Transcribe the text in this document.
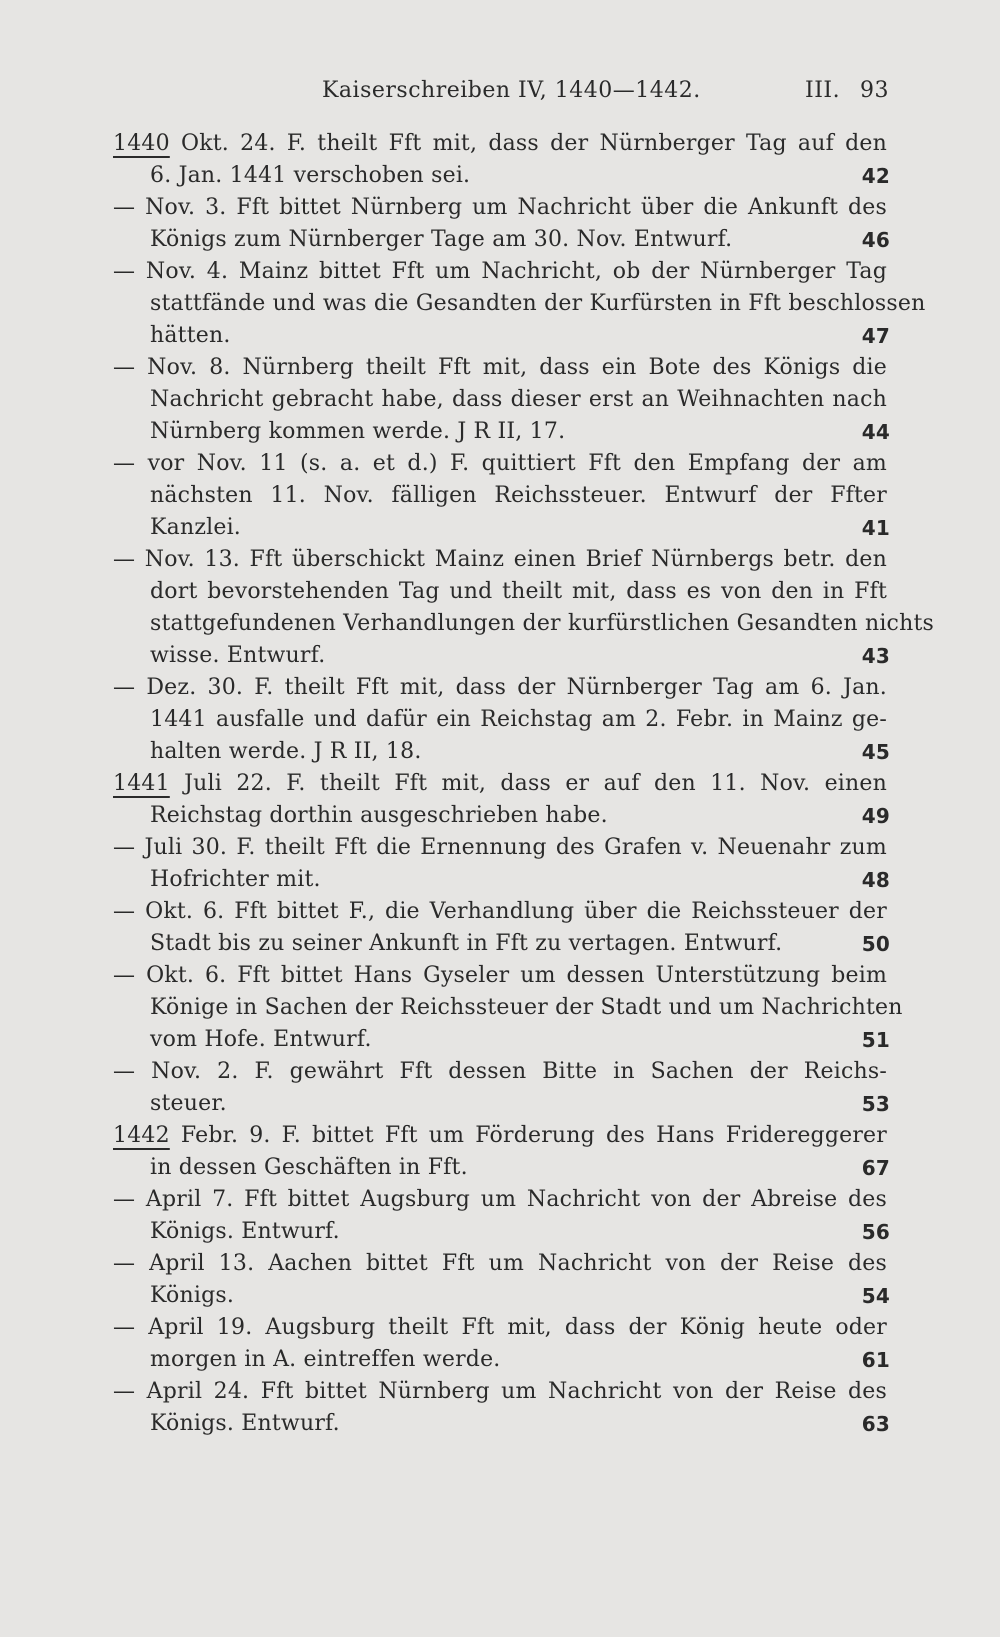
Kaiserschreiben IV, 1440—1442.	III. 93
1440 Okt. 24. F. theilt Fft mit, dass der Nürnberger Tag auf den
6. Jan. 1441 verschoben sei.	42
— Nov. 3. Fft bittet Nürnberg um Nachricht über die Ankunft des
Königs zum Nürnberger Tage am 30. Nov. Entwurf.	46
— Nov. 4. Mainz bittet Fft um Nachricht, ob der Nürnberger Tag
stattfände und was die Gesandten der Kurfürsten in Fft beschlossen
hätten.	47
— Nov. 8. Nürnberg theilt Fft mit, dass ein Bote des Königs die
Nachricht gebracht habe, dass dieser erst an Weihnachten nach
Nürnberg kommen werde. J R II, 17.	44
— vor Nov. 11 (s. a. et d.) F. quittiert Fft den Empfang der am
nächsten 11. Nov. fälligen Reichssteuer. Entwurf der Ffter
Kanzlei.	41
— Nov. 13. Fft überschickt Mainz einen Brief Nürnbergs betr. den
dort bevorstehenden Tag und theilt mit, dass es von den in Fft
stattgefundenen Verhandlungen der kurfürstlichen Gesandten nichts
wisse. Entwurf.	43
— Dez. 30. F. theilt Fft mit, dass der Nürnberger Tag am 6. Jan.
1441 ausfalle und dafür ein Reichstag am 2. Febr. in Mainz ge-
halten werde. J R II, 18.	45
1441 Juli 22. F. theilt Fft mit, dass er auf den 11. Nov. einen
Reichstag dorthin ausgeschrieben habe.	49
— Juli 30. F. theilt Fft die Ernennung des Grafen v. Neuenahr zum
Hofrichter mit.	48
— Okt. 6. Fft bittet F., die Verhandlung über die Reichssteuer der
Stadt bis zu seiner Ankunft in Fft zu vertagen. Entwurf.	50
— Okt. 6. Fft bittet Hans Gyseler um dessen Unterstützung beim
Könige in Sachen der Reichssteuer der Stadt und um Nachrichten
vom Hofe. Entwurf.	51
— Nov. 2. F. gewährt Fft dessen Bitte in Sachen der Reichs-
steuer.	53
1442 Febr. 9. F. bittet Fft um Förderung des Hans Fridereggerer
in dessen Geschäften in Fft.	67
— April 7. Fft bittet Augsburg um Nachricht von der Abreise des
Königs. Entwurf.	56
— April 13. Aachen bittet Fft um Nachricht von der Reise des
Königs.	54
— April 19. Augsburg theilt Fft mit, dass der König heute oder
morgen in A. eintreffen werde.	61
— April 24. Fft bittet Nürnberg um Nachricht von der Reise des
Königs. Entwurf.	63
